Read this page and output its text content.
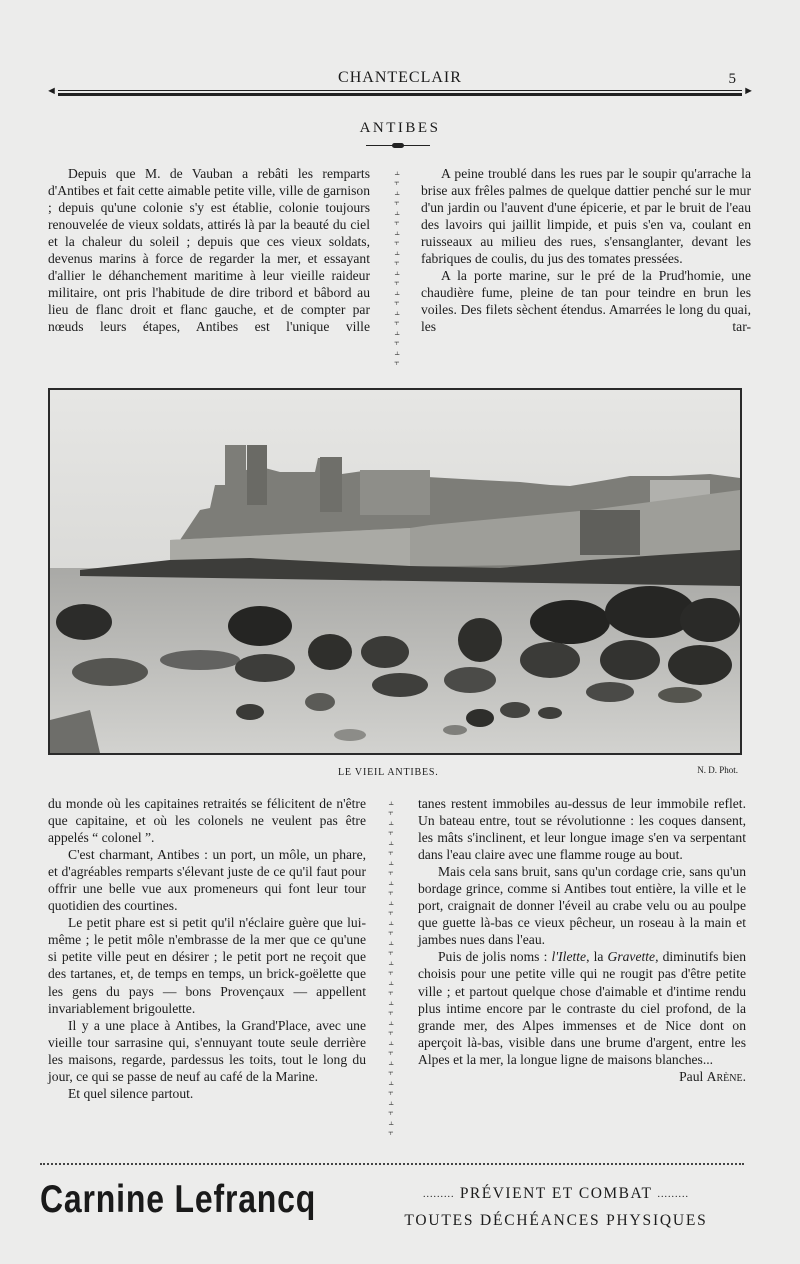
CHANTECLAIR	5
◄	►
ANTIBES

Depuis que M. de Vauban a rebâti les remparts d'Antibes et fait cette aimable petite ville, ville de garnison ; depuis qu'une colonie s'y est établie, colonie toujours renouvelée de vieux soldats, attirés là par la beauté du ciel et la chaleur du soleil ; depuis que ces vieux soldats, devenus marins à force de regarder la mer, et essayant d'allier le déhanchement maritime à leur vieille raideur militaire, ont pris l'habitude de dire tribord et bâbord au lieu de flanc droit et flanc gauche, et de compter par nœuds leurs étapes, Antibes est l'unique ville

⫠
⫟
⫠
⫟
⫠
⫟
⫠
⫟
⫠
⫟
⫠
⫟
⫠
⫟
⫠
⫟
⫠
⫟
⫠
⫟

A peine troublé dans les rues par le soupir qu'arrache la brise aux frêles palmes de quelque dattier penché sur le mur d'un jardin ou l'auvent d'une épicerie, et par le bruit de l'eau des lavoirs qui jaillit limpide, et puis s'en va, coulant en ruisseaux au milieu des rues, s'ensanglanter, devant les fabriques de coulis, du jus des tomates pressées.

A la porte marine, sur le pré de la Prud'homie, une chaudière fume, pleine de tan pour teindre en brun les voiles. Des filets sèchent étendus. Amarrées le long du quai, les tar-

LE VIEIL ANTIBES.	N. D. Phot.

du monde où les capitaines retraités se félicitent de n'être que capitaine, et où les colonels ne veulent pas être appelés “ colonel ”.

C'est charmant, Antibes : un port, un môle, un phare, et d'agréables remparts s'élevant juste de ce qu'il faut pour offrir une belle vue aux promeneurs qui font leur tour quotidien des courtines.

Le petit phare est si petit qu'il n'éclaire guère que lui-même ; le petit môle n'embrasse de la mer que ce qu'une si petite ville peut en désirer ; le petit port ne reçoit que des tartanes, et, de temps en temps, un brick-goëlette que les gens du pays — bons Provençaux — appellent invariablement brigoulette.

Il y a une place à Antibes, la Grand'Place, avec une vieille tour sarrasine qui, s'ennuyant toute seule derrière les maisons, regarde, pardessus les toits, tout le long du jour, ce qui se passe de neuf au café de la Marine.

Et quel silence partout.

⫠
⫟
⫠
⫟
⫠
⫟
⫠
⫟
⫠
⫟
⫠
⫟
⫠
⫟
⫠
⫟
⫠
⫟
⫠
⫟
⫠
⫟
⫠
⫟
⫠
⫟
⫠
⫟
⫠
⫟
⫠
⫟
⫠
⫟

tanes restent immobiles au-dessus de leur immobile reflet. Un bateau entre, tout se révolutionne : les coques dansent, les mâts s'inclinent, et leur longue image s'en va serpentant dans l'eau claire avec une flamme rouge au bout.

Mais cela sans bruit, sans qu'un cordage crie, sans qu'un bordage grince, comme si Antibes tout entière, la ville et le port, craignait de donner l'éveil au crabe velu ou au poulpe que guette là-bas ce vieux pêcheur, un roseau à la main et jambes nues dans l'eau.

Puis de jolis noms : l'Ilette, la Gravette, diminutifs bien choisis pour une petite ville qui ne rougit pas d'être petite ville ; et partout quelque chose d'aimable et d'intime rendu plus intime encore par le contraste du ciel profond, de la grande mer, des Alpes immenses et de Nice dont on aperçoit là-bas, visible dans une brume d'argent, entre les Alpes et la mer, la longue ligne de maisons blanches...

Paul Arène.

Carnine Lefrancq	......... PRÉVIENT ET COMBAT .........
TOUTES DÉCHÉANCES PHYSIQUES
